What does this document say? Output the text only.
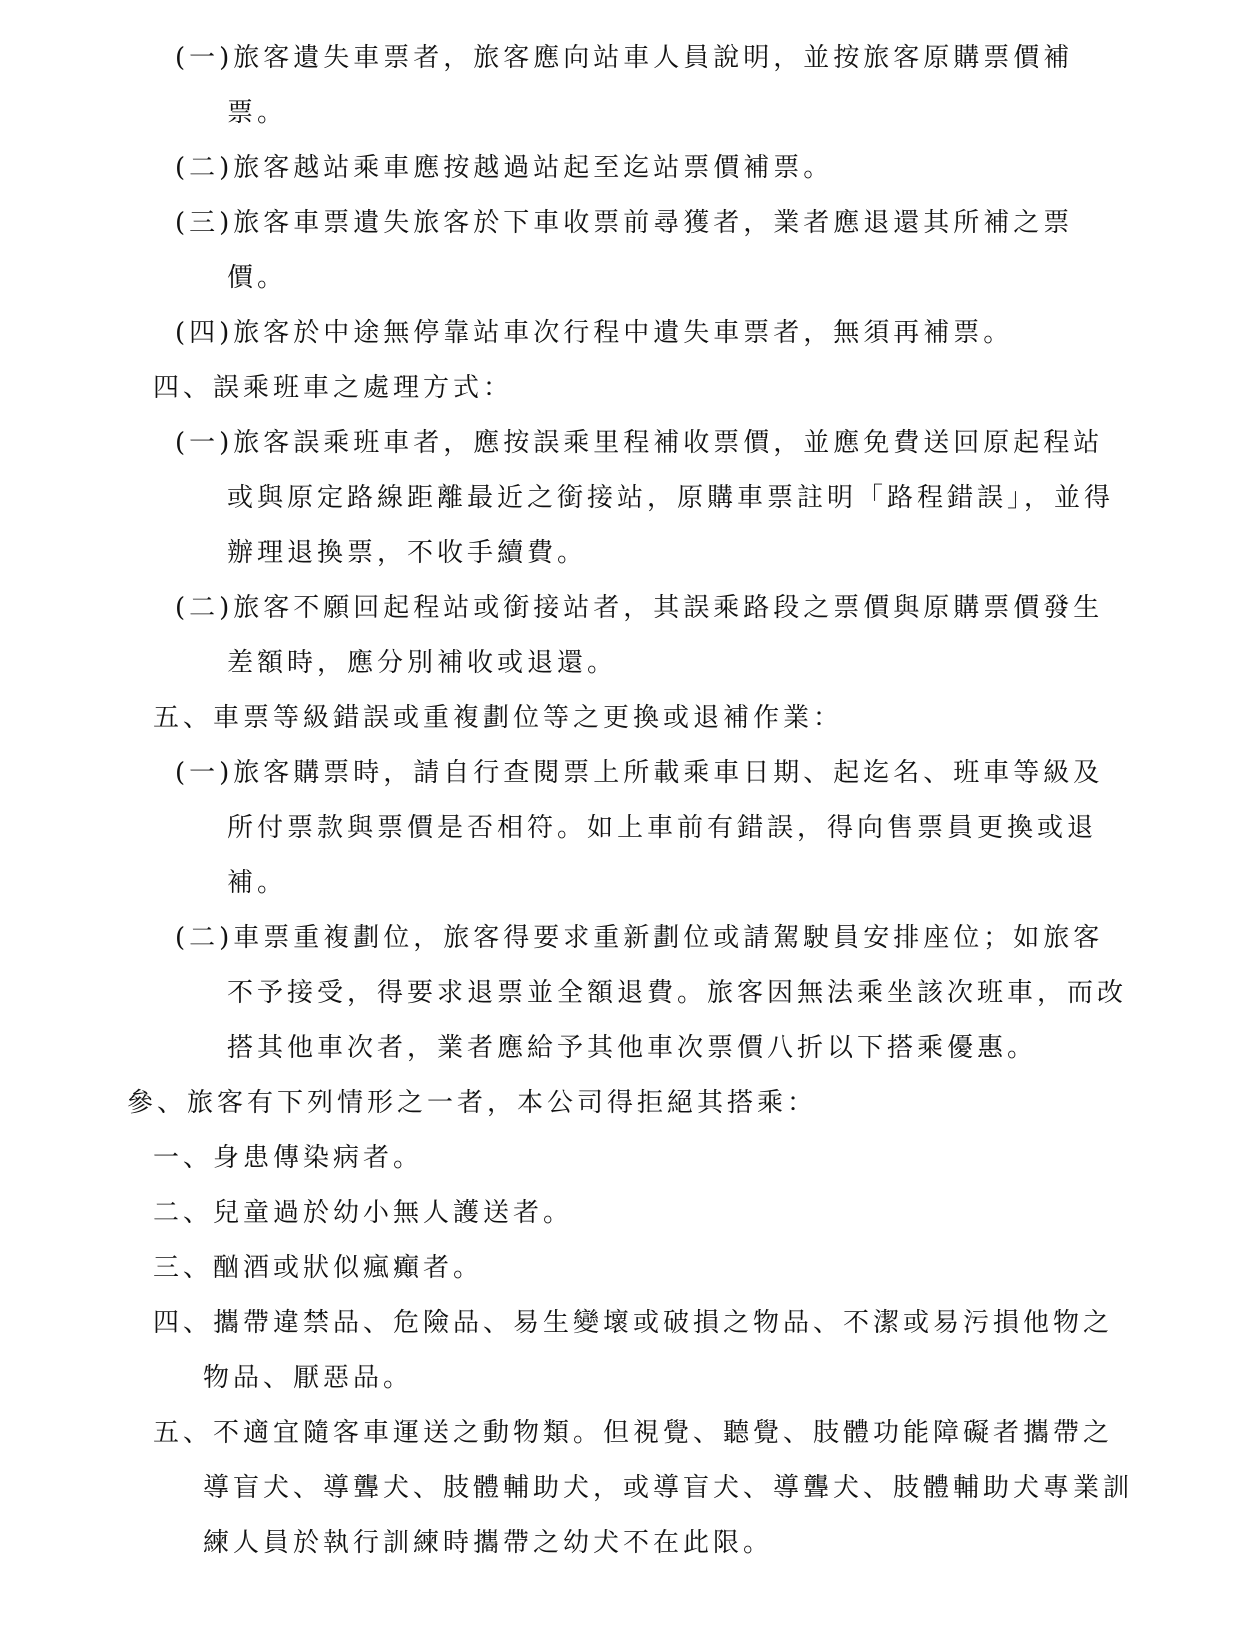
(一)旅客遺失車票者，旅客應向站車人員說明，並按旅客原購票價補
票。
(二)旅客越站乘車應按越過站起至迄站票價補票。
(三)旅客車票遺失旅客於下車收票前尋獲者，業者應退還其所補之票
價。
(四)旅客於中途無停靠站車次行程中遺失車票者，無須再補票。
四、誤乘班車之處理方式：
(一)旅客誤乘班車者，應按誤乘里程補收票價，並應免費送回原起程站
或與原定路線距離最近之銜接站，原購車票註明「路程錯誤」，並得
辦理退換票，不收手續費。
(二)旅客不願回起程站或銜接站者，其誤乘路段之票價與原購票價發生
差額時，應分別補收或退還。
五、車票等級錯誤或重複劃位等之更換或退補作業：
(一)旅客購票時，請自行查閱票上所載乘車日期、起迄名、班車等級及
所付票款與票價是否相符。如上車前有錯誤，得向售票員更換或退
補。
(二)車票重複劃位，旅客得要求重新劃位或請駕駛員安排座位；如旅客
不予接受，得要求退票並全額退費。旅客因無法乘坐該次班車，而改
搭其他車次者，業者應給予其他車次票價八折以下搭乘優惠。
參、旅客有下列情形之一者，本公司得拒絕其搭乘：
一、身患傳染病者。
二、兒童過於幼小無人護送者。
三、酗酒或狀似瘋癲者。
四、攜帶違禁品、危險品、易生變壞或破損之物品、不潔或易污損他物之
物品、厭惡品。
五、不適宜隨客車運送之動物類。但視覺、聽覺、肢體功能障礙者攜帶之
導盲犬、導聾犬、肢體輔助犬，或導盲犬、導聾犬、肢體輔助犬專業訓
練人員於執行訓練時攜帶之幼犬不在此限。
